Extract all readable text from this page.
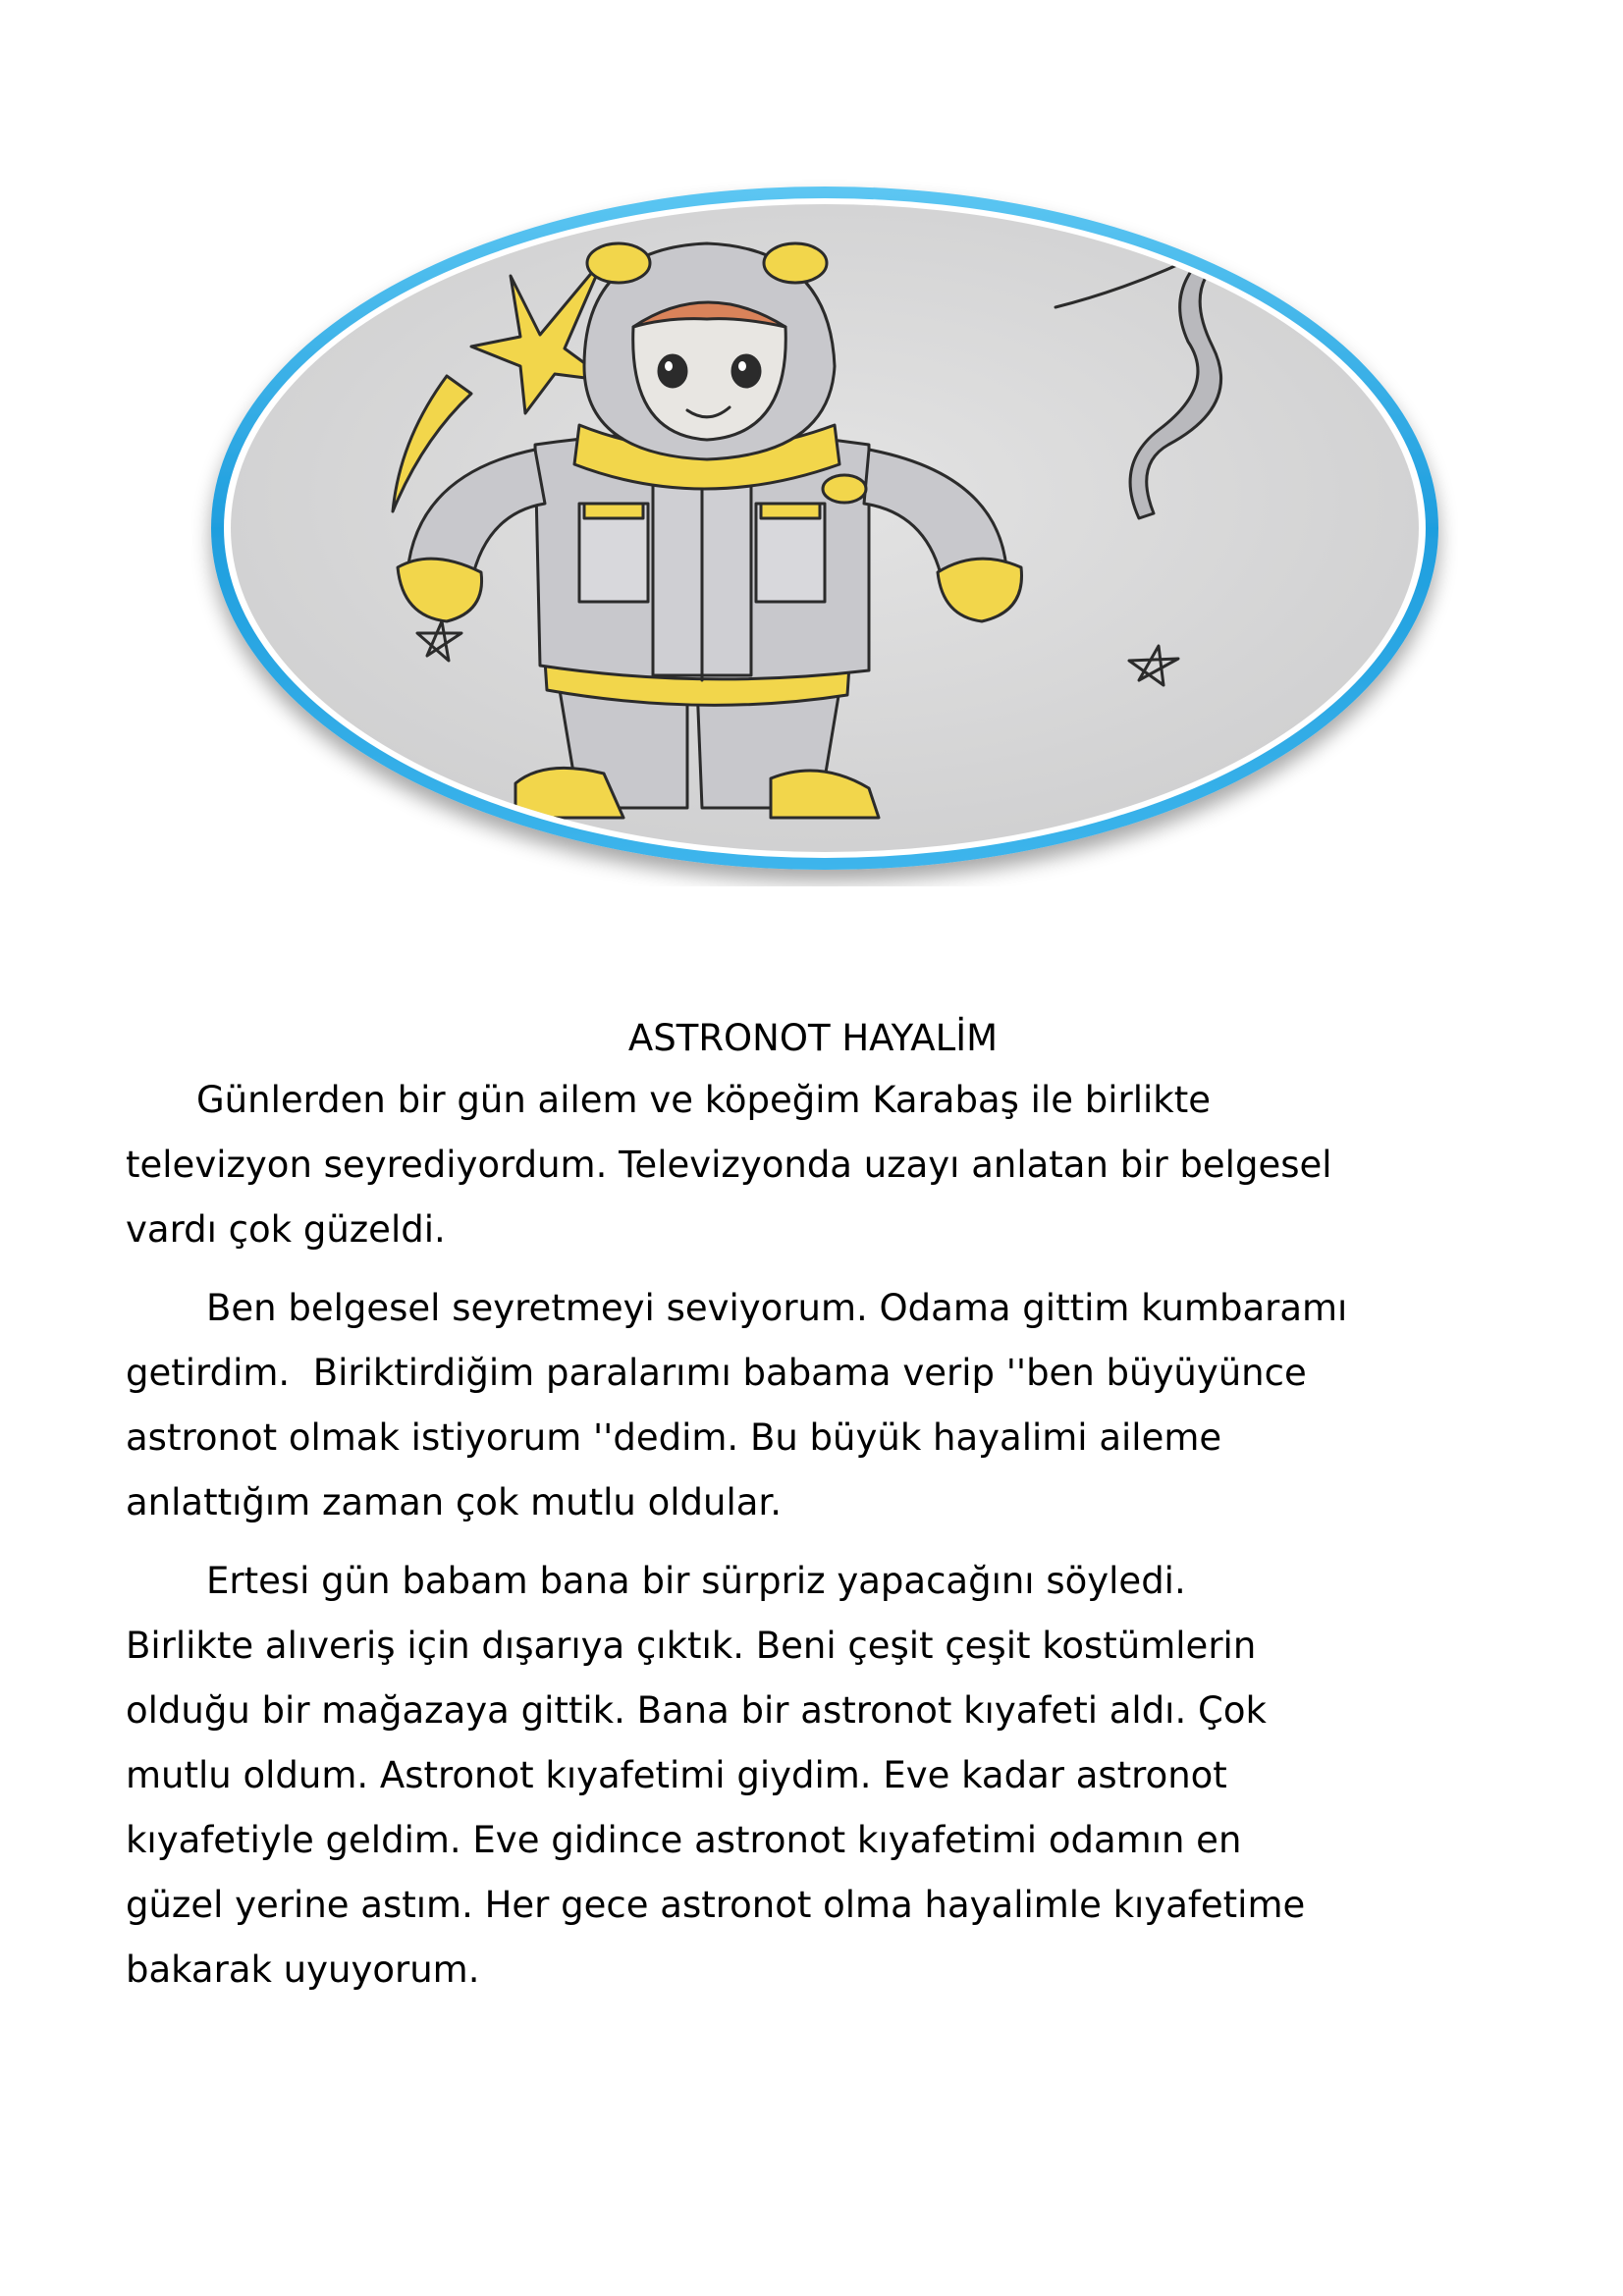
ASTRONOT HAYALİM

Günlerden bir gün ailem ve köpeğim Karabaş ile birlikte
televizyon seyrediyordum. Televizyonda uzayı anlatan bir belgesel
vardı çok güzeldi.

Ben belgesel seyretmeyi seviyorum. Odama gittim kumbaramı
getirdim.  Biriktirdiğim paralarımı babama verip ''ben büyüyünce
astronot olmak istiyorum ''dedim. Bu büyük hayalimi aileme
anlattığım zaman çok mutlu oldular.

Ertesi gün babam bana bir sürpriz yapacağını söyledi.
Birlikte alıveriş için dışarıya çıktık. Beni çeşit çeşit kostümlerin
olduğu bir mağazaya gittik. Bana bir astronot kıyafeti aldı. Çok
mutlu oldum. Astronot kıyafetimi giydim. Eve kadar astronot
kıyafetiyle geldim. Eve gidince astronot kıyafetimi odamın en
güzel yerine astım. Her gece astronot olma hayalimle kıyafetime
bakarak uyuyorum.
